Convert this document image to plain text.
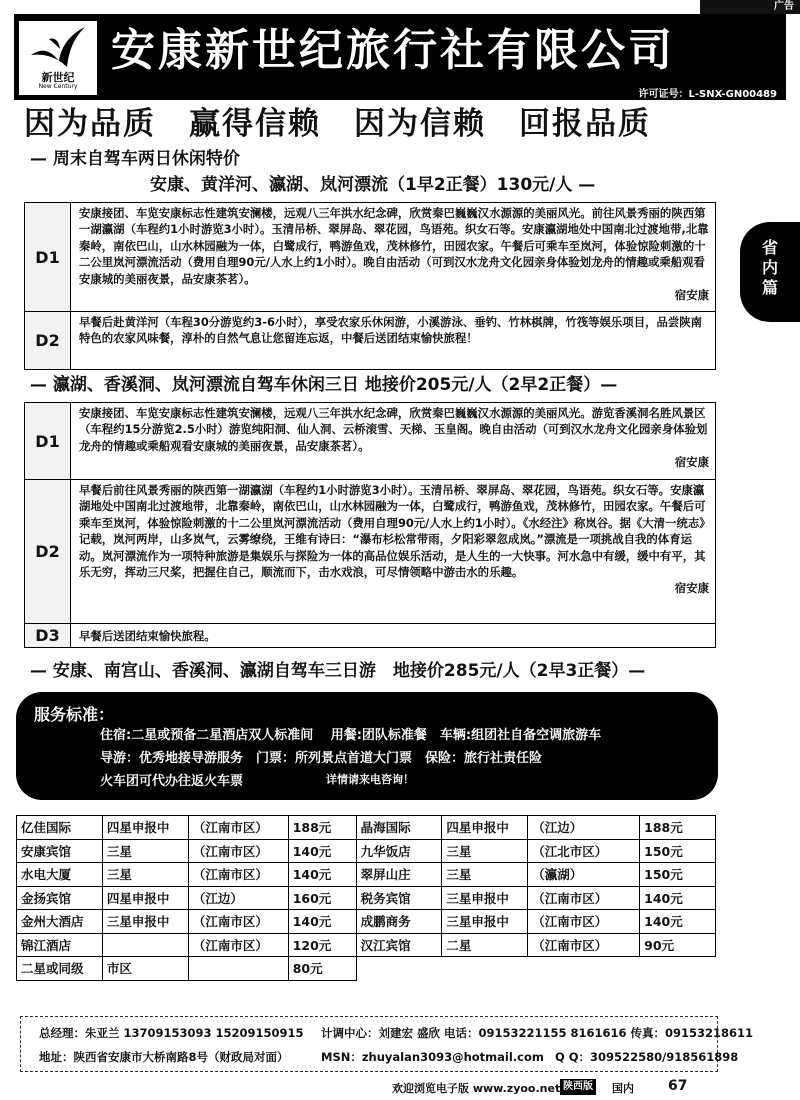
广告
新世纪
New Century
安康新世纪旅行社有限公司
许可证号：L-SNX-GN00489
因为品质　赢得信赖　因为信赖　回报品质
省
内
篇
— 周末自驾车两日休闲特价
安康、黄洋河、瀛湖、岚河漂流（1早2正餐）130元/人 —
D1
安康接团、车览安康标志性建筑安澜楼，远观八三年洪水纪念碑，欣赏秦巴巍巍汉水源源的美丽风光。前往风景秀丽的陕西第一湖瀛湖（车程约1小时游览3小时）。玉清吊桥、翠屏岛、翠花园，鸟语苑。织女石等。安康瀛湖地处中国南北过渡地带,北靠秦岭，南依巴山，山水林园融为一体，白鹭成行，鸭游鱼戏，茂林修竹，田园农家。午餐后可乘车至岚河，体验惊险刺激的十二公里岚河漂流活动（费用自理90元/人水上约1小时）。晚自由活动（可到汉水龙舟文化园亲身体验划龙舟的情趣或乘船观看安康城的美丽夜景，品安康茶茗）。
宿安康
D2
早餐后赴黄洋河（车程30分游览约3-6小时），享受农家乐休闲游，小溪游泳、垂钓、竹林棋牌，竹筏等娱乐项目，品尝陕南特色的农家风味餐，淳朴的自然气息让您留连忘返，中餐后送团结束愉快旅程！
— 瀛湖、香溪洞、岚河漂流自驾车休闲三日 地接价205元/人（2早2正餐）—
D1
安康接团、车览安康标志性建筑安澜楼，远观八三年洪水纪念碑，欣赏秦巴巍巍汉水源源的美丽风光。游览香溪洞名胜风景区（车程约15分游览2.5小时）游览纯阳洞、仙人洞、云桥滚雪、天梯、玉皇阁。晚自由活动（可到汉水龙舟文化园亲身体验划龙舟的情趣或乘船观看安康城的美丽夜景，品安康茶茗）。
宿安康
D2
早餐后前往风景秀丽的陕西第一湖瀛湖（车程约1小时游览3小时）。玉清吊桥、翠屏岛、翠花园，鸟语苑。织女石等。安康瀛湖地处中国南北过渡地带，北靠秦岭，南依巴山，山水林园融为一体，白鹭成行，鸭游鱼戏，茂林修竹，田园农家。午餐后可乘车至岚河，体验惊险刺激的十二公里岚河漂流活动（费用自理90元/人水上约1小时）。《水经注》称岚谷。据《大清一统志》记载，岚河两岸，山多岚气，云雾缭绕，王维有诗曰：“瀑布杉松常带雨，夕阳彩翠忽成岚。”漂流是一项挑战自我的体育运动。岚河漂流作为一项特种旅游是集娱乐与探险为一体的高品位娱乐活动，是人生的一大快事。河水急中有缓，缓中有平，其乐无穷，挥动三尺桨，把握住自己，顺流而下，击水戏浪，可尽情领略中游击水的乐趣。
宿安康
D3	早餐后送团结束愉快旅程。
— 安康、南宫山、香溪洞、瀛湖自驾车三日游　地接价285元/人（2早3正餐）—
服务标准：
住宿:二星或预备二星酒店双人标准间　 用餐:团队标准餐　车辆:组团社自备空调旅游车
导游：优秀地接导游服务　门票：所列景点首道大门票　保险：旅行社责任险
火车团可代办往返火车票	详情请来电咨询！
亿佳国际	四星申报中	（江南市区）	188元	晶海国际	四星申报中	（江边）	188元
安康宾馆	三星	（江南市区）	140元	九华饭店	三星	（江北市区）	150元
水电大厦	三星	（江南市区）	140元	翠屏山庄	三星	（瀛湖）	150元
金扬宾馆	四星申报中	（江边）	160元	税务宾馆	三星申报中	（江南市区）	140元
金州大酒店	三星申报中	（江南市区）	140元	成鹏商务	三星申报中	（江南市区）	140元
锦江酒店		（江南市区）	120元	汉江宾馆	二星	（江南市区）	90元
二星或同级	市区		80元				
总经理：朱亚兰 13709153093 15209150915 计调中心：刘建宏 盛欣 电话：09153221155 8161616 传真：09153218611
地址：陕西省安康市大桥南路8号（财政局对面）	MSN：zhuyalan3093@hotmail.com Q Q：309522580/918561898
欢迎浏览电子版 www.zyoo.net 陕西版 国内 67
